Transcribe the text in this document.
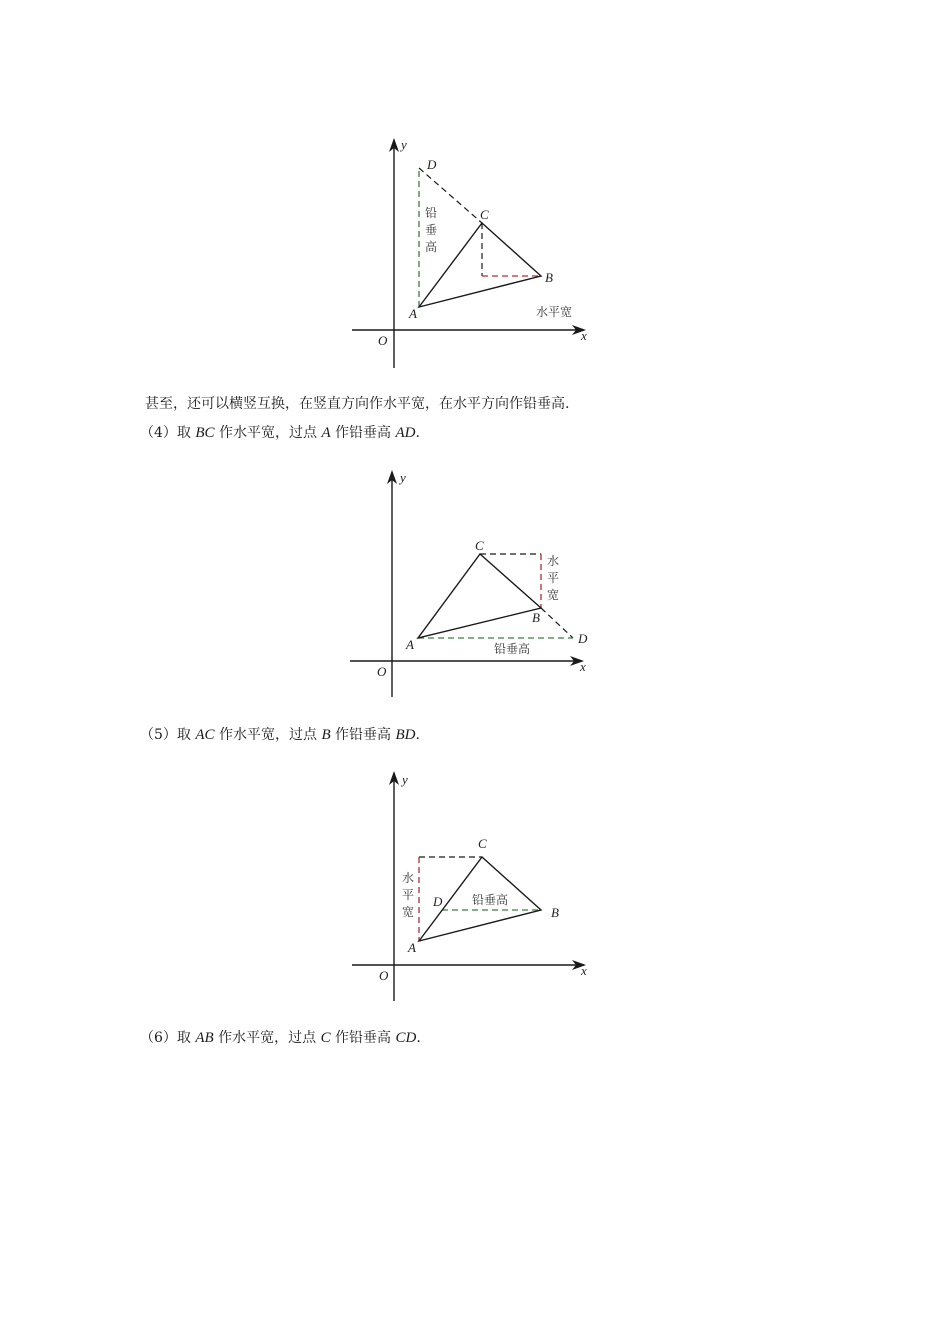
O	x
y
A
B
C
D
铅
垂
高
水平宽
O	x
y
A
B
C
D
水
平
宽
铅垂高
O	x
y
A
B
C
D
水
平
宽
铅垂高
甚至，还可以横竖互换，在竖直方向作水平宽，在水平方向作铅垂高.
（4）取 BC 作水平宽，过点 A 作铅垂高 AD.
（5）取 AC 作水平宽，过点 B 作铅垂高 BD.
（6）取 AB 作水平宽，过点 C 作铅垂高 CD.
